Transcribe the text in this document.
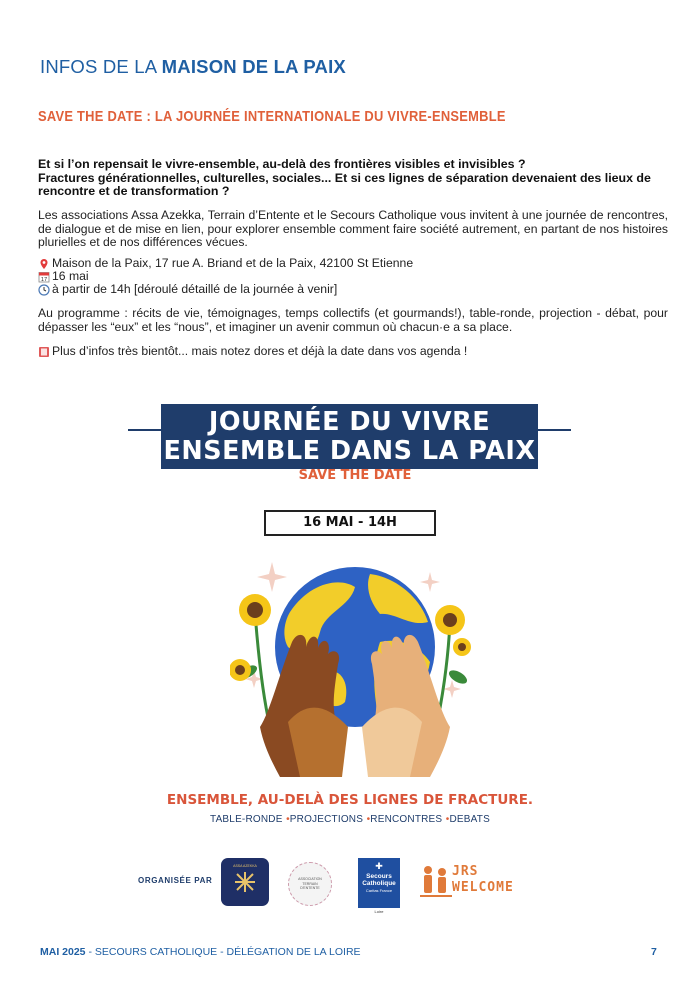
INFOS DE LA MAISON DE LA PAIX
SAVE THE DATE : LA JOURNÉE INTERNATIONALE DU VIVRE-ENSEMBLE
Et si l’on repensait le vivre-ensemble, au-delà des frontières visibles et invisibles ?
Fractures générationnelles, culturelles, sociales... Et si ces lignes de séparation devenaient des lieux de rencontre et de transformation ?
Les associations Assa Azekka, Terrain d’Entente et le Secours Catholique vous invitent à une journée de rencontres, de dialogue et de mise en lien, pour explorer ensemble comment faire société autrement, en partant de nos histoires plurielles et de nos différences vécues.
Maison de la Paix, 17 rue A. Briand et de la Paix, 42100 St Etienne
17 16 mai
à partir de 14h [déroulé détaillé de la journée à venir]
Au programme : récits de vie, témoignages, temps collectifs (et gourmands!), table-ronde, projection - débat, pour dépasser les “eux” et les “nous”, et imaginer un avenir commun où chacun·e a sa place.
Plus d’infos très bientôt... mais notez dores et déjà la date dans vos agenda !
JOURNÉE DU VIVRE
ENSEMBLE DANS LA PAIX
SAVE THE DATE
16 MAI - 14H
ENSEMBLE, AU-DELÀ DES LIGNES DE FRACTURE.
TABLE-RONDE •PROJECTIONS •RENCONTRES •DEBATS
ORGANISÉE PAR
ASSA AZEKKA
ASSOCIATION TERRAIN D'ENTENTE
✚
Secours
Catholique
Caritas France
Loire
JRS
WELCOME
MAI 2025 - SECOURS CATHOLIQUE - DÉLÉGATION DE LA LOIRE	7
